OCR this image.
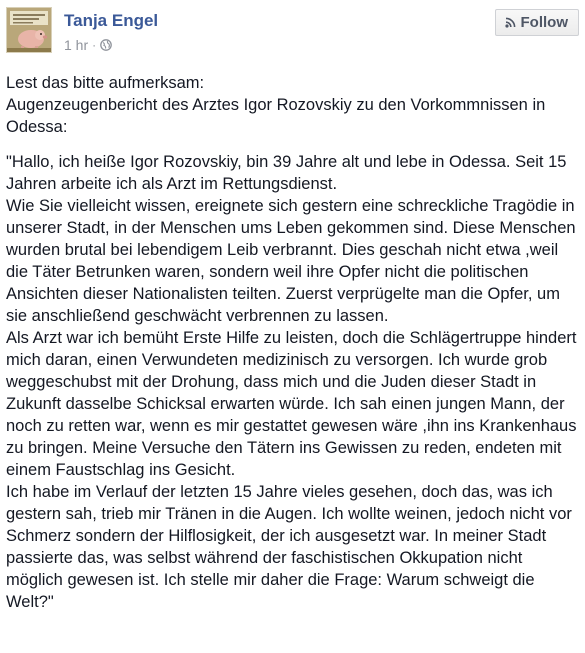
Tanja Engel
1 hr ·
Follow

Lest das bitte aufmerksam:

Augenzeugenbericht des Arztes Igor Rozovskiy zu den Vorkommnissen in Odessa:

"Hallo, ich heiße Igor Rozovskiy, bin 39 Jahre alt und lebe in Odessa. Seit 15 Jahren arbeite ich als Arzt im Rettungsdienst.

Wie Sie vielleicht wissen, ereignete sich gestern eine schreckliche Tragödie in unserer Stadt, in der Menschen ums Leben gekommen sind. Diese Menschen wurden brutal bei lebendigem Leib verbrannt. Dies geschah nicht etwa ,weil die Täter Betrunken waren, sondern weil ihre Opfer nicht die politischen Ansichten dieser Nationalisten teilten. Zuerst verprügelte man die Opfer, um sie anschließend geschwächt verbrennen zu lassen.

Als Arzt war ich bemüht Erste Hilfe zu leisten, doch die Schlägertruppe hindert mich daran, einen Verwundeten medizinisch zu versorgen. Ich wurde grob weggeschubst mit der Drohung, dass mich und die Juden dieser Stadt in Zukunft dasselbe Schicksal erwarten würde. Ich sah einen jungen Mann, der noch zu retten war, wenn es mir gestattet gewesen wäre ,ihn ins Krankenhaus zu bringen. Meine Versuche den Tätern ins Gewissen zu reden, endeten mit einem Faustschlag ins Gesicht.

Ich habe im Verlauf der letzten 15 Jahre vieles gesehen, doch das, was ich gestern sah, trieb mir Tränen in die Augen. Ich wollte weinen, jedoch nicht vor Schmerz sondern der Hilflosigkeit, der ich ausgesetzt war. In meiner Stadt passierte das, was selbst während der faschistischen Okkupation nicht möglich gewesen ist. Ich stelle mir daher die Frage: Warum schweigt die Welt?"
